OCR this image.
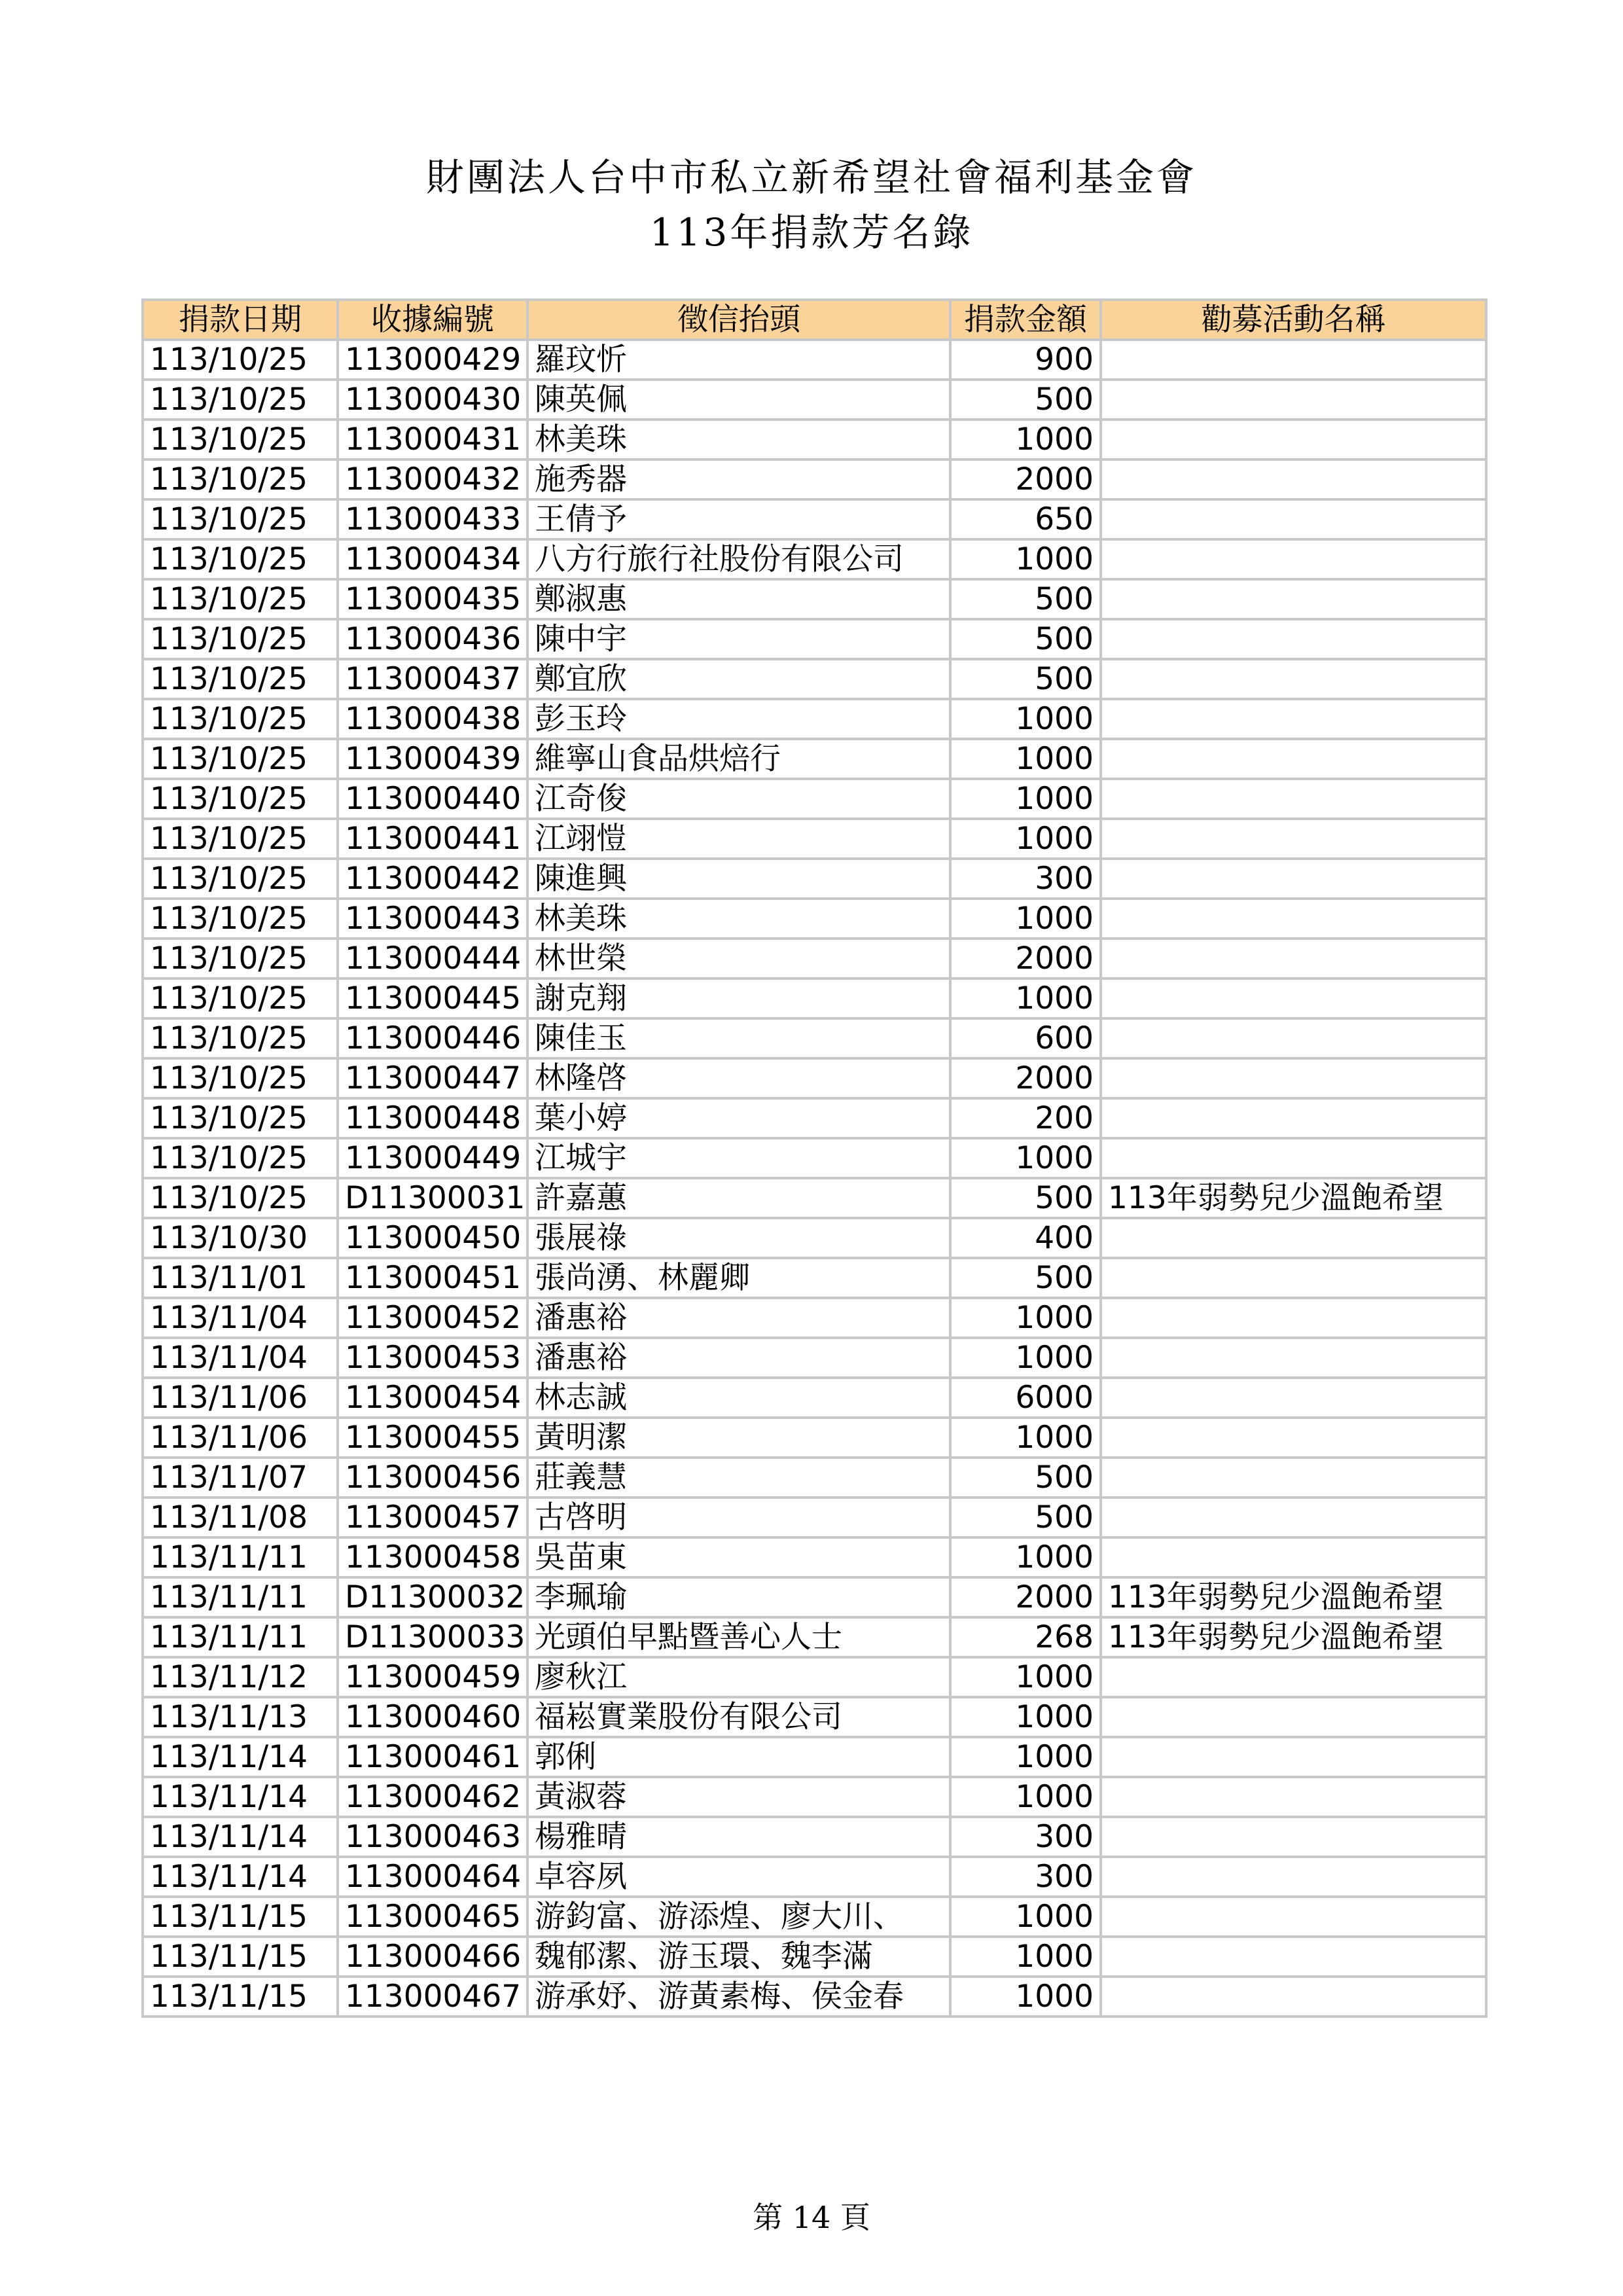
財團法人台中市私立新希望社會福利基金會
113年捐款芳名錄
捐款日期	收據編號	徵信抬頭	捐款金額	勸募活動名稱
113/10/25	113000429	羅玟忻	900	
113/10/25	113000430	陳英佩	500	
113/10/25	113000431	林美珠	1000	
113/10/25	113000432	施秀器	2000	
113/10/25	113000433	王倩予	650	
113/10/25	113000434	八方行旅行社股份有限公司	1000	
113/10/25	113000435	鄭淑惠	500	
113/10/25	113000436	陳中宇	500	
113/10/25	113000437	鄭宜欣	500	
113/10/25	113000438	彭玉玲	1000	
113/10/25	113000439	維寧山食品烘焙行	1000	
113/10/25	113000440	江奇俊	1000	
113/10/25	113000441	江翊愷	1000	
113/10/25	113000442	陳進興	300	
113/10/25	113000443	林美珠	1000	
113/10/25	113000444	林世榮	2000	
113/10/25	113000445	謝克翔	1000	
113/10/25	113000446	陳佳玉	600	
113/10/25	113000447	林隆啓	2000	
113/10/25	113000448	葉小婷	200	
113/10/25	113000449	江城宇	1000	
113/10/25	D11300031	許嘉蕙	500	113年弱勢兒少溫飽希望
113/10/30	113000450	張展祿	400	
113/11/01	113000451	張尚湧、林麗卿	500	
113/11/04	113000452	潘惠裕	1000	
113/11/04	113000453	潘惠裕	1000	
113/11/06	113000454	林志誠	6000	
113/11/06	113000455	黃明潔	1000	
113/11/07	113000456	莊義慧	500	
113/11/08	113000457	古啓明	500	
113/11/11	113000458	吳苗東	1000	
113/11/11	D11300032	李珮瑜	2000	113年弱勢兒少溫飽希望
113/11/11	D11300033	光頭伯早點暨善心人士	268	113年弱勢兒少溫飽希望
113/11/12	113000459	廖秋江	1000	
113/11/13	113000460	福崧實業股份有限公司	1000	
113/11/14	113000461	郭俐	1000	
113/11/14	113000462	黃淑蓉	1000	
113/11/14	113000463	楊雅晴	300	
113/11/14	113000464	卓容夙	300	
113/11/15	113000465	游鈞富、游添煌、廖大川、	1000	
113/11/15	113000466	魏郁潔、游玉環、魏李滿	1000	
113/11/15	113000467	游承妤、游黃素梅、侯金春	1000	
第 14 頁
